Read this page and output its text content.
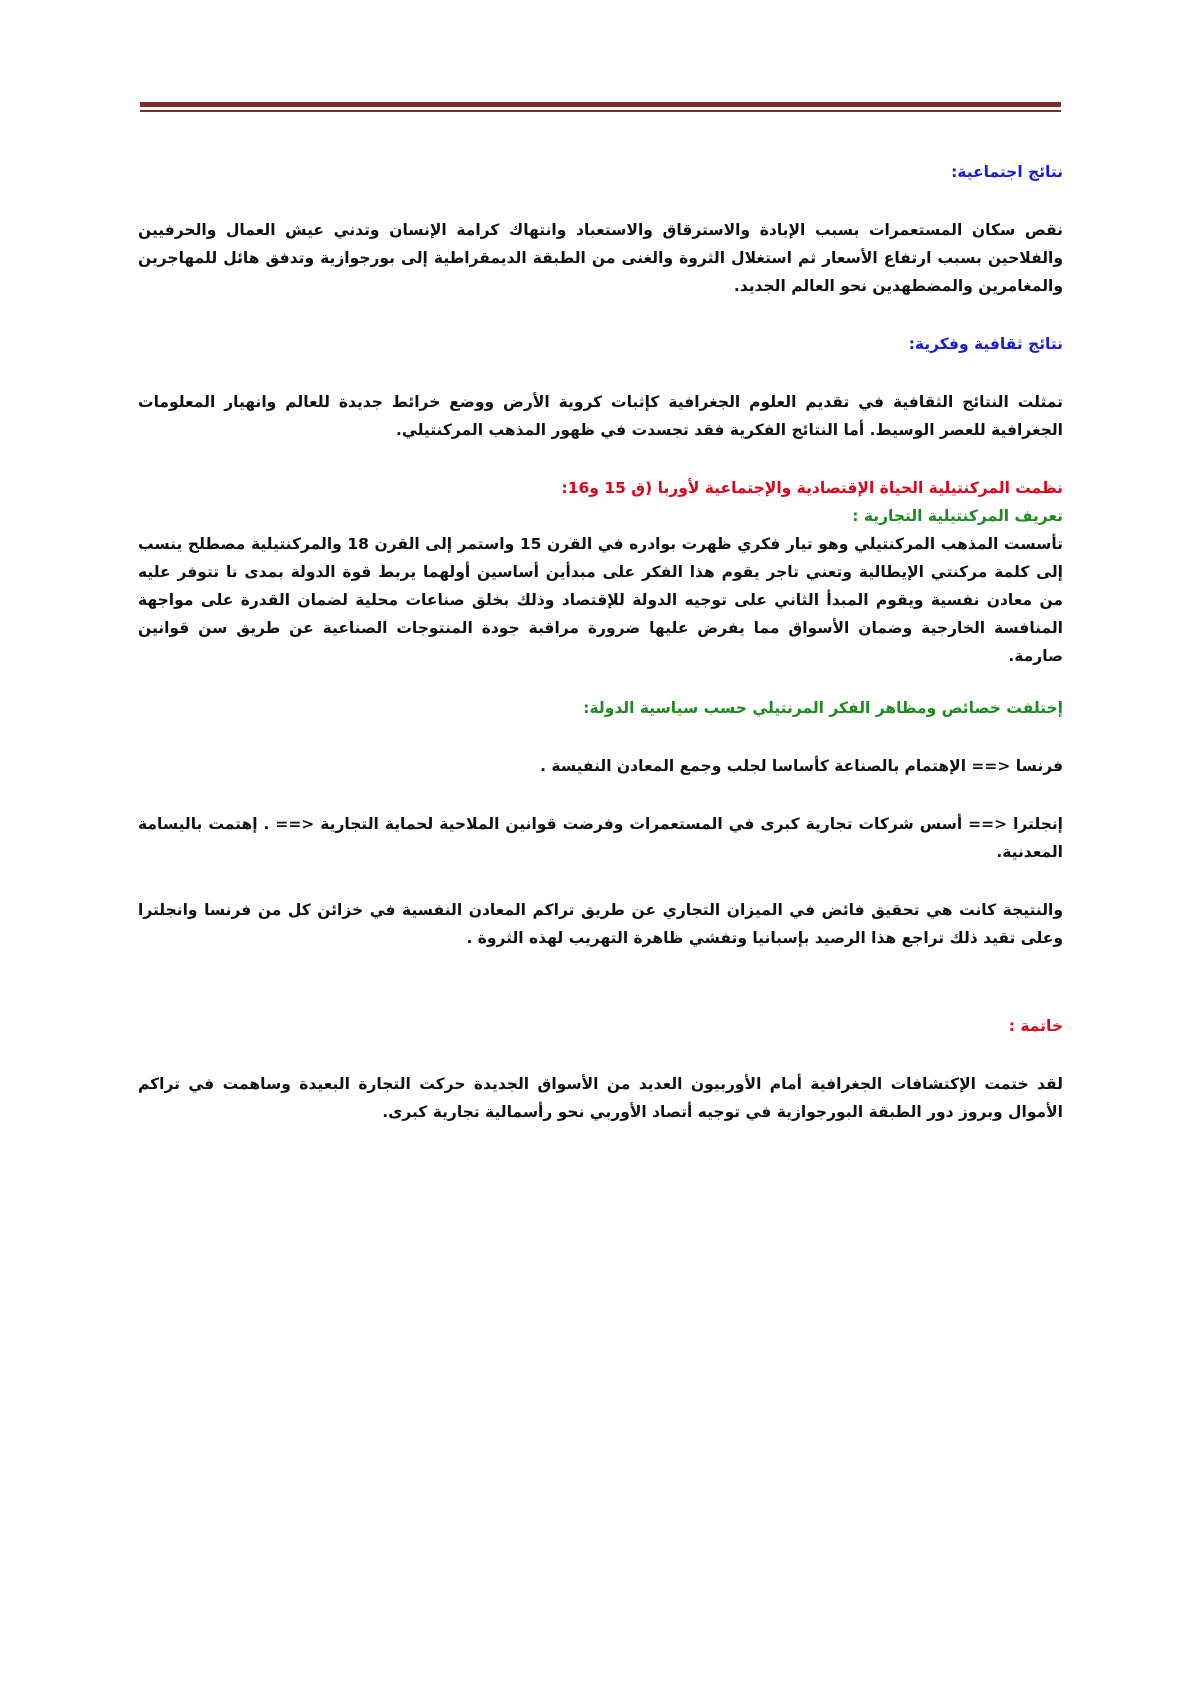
نتائج اجتماعية:

نقص سكان المستعمرات بسبب الإبادة والاسترقاق والاستعباد وانتهاك كرامة الإنسان وتدني عيش العمال والحرفيين والفلاحين بسبب ارتفاع الأسعار ثم استغلال الثروة والغنى من الطبقة الديمقراطية إلى بورجوازية وتدفق هائل للمهاجرين والمغامرين والمضطهدين نحو العالم الجديد.

نتائج ثقافية وفكرية:

تمثلت النتائج الثقافية في تقديم العلوم الجغرافية كإثبات كروية الأرض ووضع خرائط جديدة للعالم وانهيار المعلومات الجغرافية للعصر الوسيط. أما النتائج الفكرية فقد تجسدت في ظهور المذهب المركنتيلي.

نظمت المركنتيلية الحياة الإقتصادية والإجتماعية لأوربا (ق 15 و16:

تعريف المركنتيلية التجارية :

تأسست المذهب المركنتيلي وهو تيار فكري ظهرت بوادره في القرن 15 واستمر إلى القرن 18 والمركنتيلية مصطلح ينسب إلى كلمة مركنتي الإيطالية وتعني تاجر يقوم هذا الفكر على مبدأين أساسين أولهما يربط قوة الدولة بمدى نا تتوفر عليه من معادن نفسية ويقوم المبدأ الثاني على توجيه الدولة للإقتصاد وذلك بخلق صناعات محلية لضمان القدرة على مواجهة المنافسة الخارجية وضمان الأسواق مما يفرض عليها ضرورة مراقبة جودة المنتوجات الصناعية عن طريق سن قوانين صارمة.

إختلفت خصائص ومظاهر الفكر المرنتيلي حسب سياسية الدولة:

فرنسا <== الإهتمام بالصناعة كأساسا لجلب وجمع المعادن النفيسة .

إنجلترا <== أسس شركات تجارية كبرى في المستعمرات وفرضت قوانين الملاحية لحماية التجارية <== . إهتمت باليسامة المعدنية.

والنتيجة كانت هي تحقيق فائض في الميزان التجاري عن طريق تراكم المعادن النفسية في خزائن كل من فرنسا وانجلترا وعلى تقيد ذلك تراجع هذا الرصيد بإسبانيا وتفشي ظاهرة التهريب لهذه الثروة .

خاتمة :

لقد ختمت الإكتشافات الجغرافية أمام الأوربيون العديد من الأسواق الجديدة حركت التجارة البعيدة وساهمت في تراكم الأموال وبروز دور الطبقة البورجوازية في توجيه أتصاد الأوربي نحو رأسمالية تجارية كبرى.
